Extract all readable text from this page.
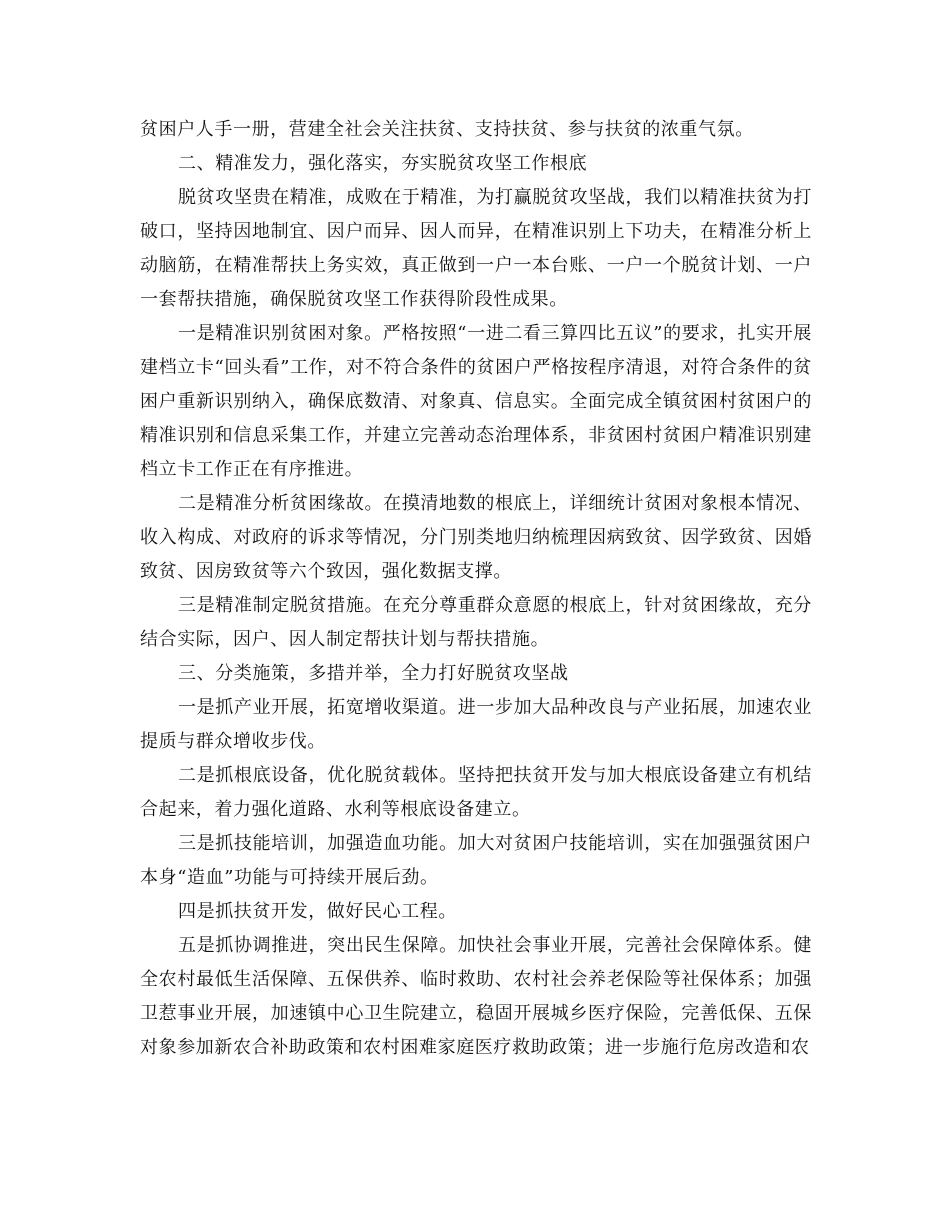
贫困户人手一册，营建全社会关注扶贫、支持扶贫、参与扶贫的浓重气氛。

二、精准发力，强化落实，夯实脱贫攻坚工作根底

脱贫攻坚贵在精准，成败在于精准，为打赢脱贫攻坚战，我们以精准扶贫为打破口，坚持因地制宜、因户而异、因人而异，在精准识别上下功夫，在精准分析上动脑筋，在精准帮扶上务实效，真正做到一户一本台账、一户一个脱贫计划、一户一套帮扶措施，确保脱贫攻坚工作获得阶段性成果。

一是精准识别贫困对象。严格按照“一进二看三算四比五议”的要求，扎实开展建档立卡“回头看”工作，对不符合条件的贫困户严格按程序清退，对符合条件的贫困户重新识别纳入，确保底数清、对象真、信息实。全面完成全镇贫困村贫困户的精准识别和信息采集工作，并建立完善动态治理体系，非贫困村贫困户精准识别建档立卡工作正在有序推进。

二是精准分析贫困缘故。在摸清地数的根底上，详细统计贫困对象根本情况、收入构成、对政府的诉求等情况，分门别类地归纳梳理因病致贫、因学致贫、因婚致贫、因房致贫等六个致因，强化数据支撑。

三是精准制定脱贫措施。在充分尊重群众意愿的根底上，针对贫困缘故，充分结合实际，因户、因人制定帮扶计划与帮扶措施。

三、分类施策，多措并举，全力打好脱贫攻坚战

一是抓产业开展，拓宽增收渠道。进一步加大品种改良与产业拓展，加速农业提质与群众增收步伐。

二是抓根底设备，优化脱贫载体。坚持把扶贫开发与加大根底设备建立有机结合起来，着力强化道路、水利等根底设备建立。

三是抓技能培训，加强造血功能。加大对贫困户技能培训，实在加强强贫困户本身“造血”功能与可持续开展后劲。

四是抓扶贫开发，做好民心工程。

五是抓协调推进，突出民生保障。加快社会事业开展，完善社会保障体系。健全农村最低生活保障、五保供养、临时救助、农村社会养老保险等社保体系；加强卫惹事业开展，加速镇中心卫生院建立，稳固开展城乡医疗保险，完善低保、五保对象参加新农合补助政策和农村困难家庭医疗救助政策；进一步施行危房改造和农
